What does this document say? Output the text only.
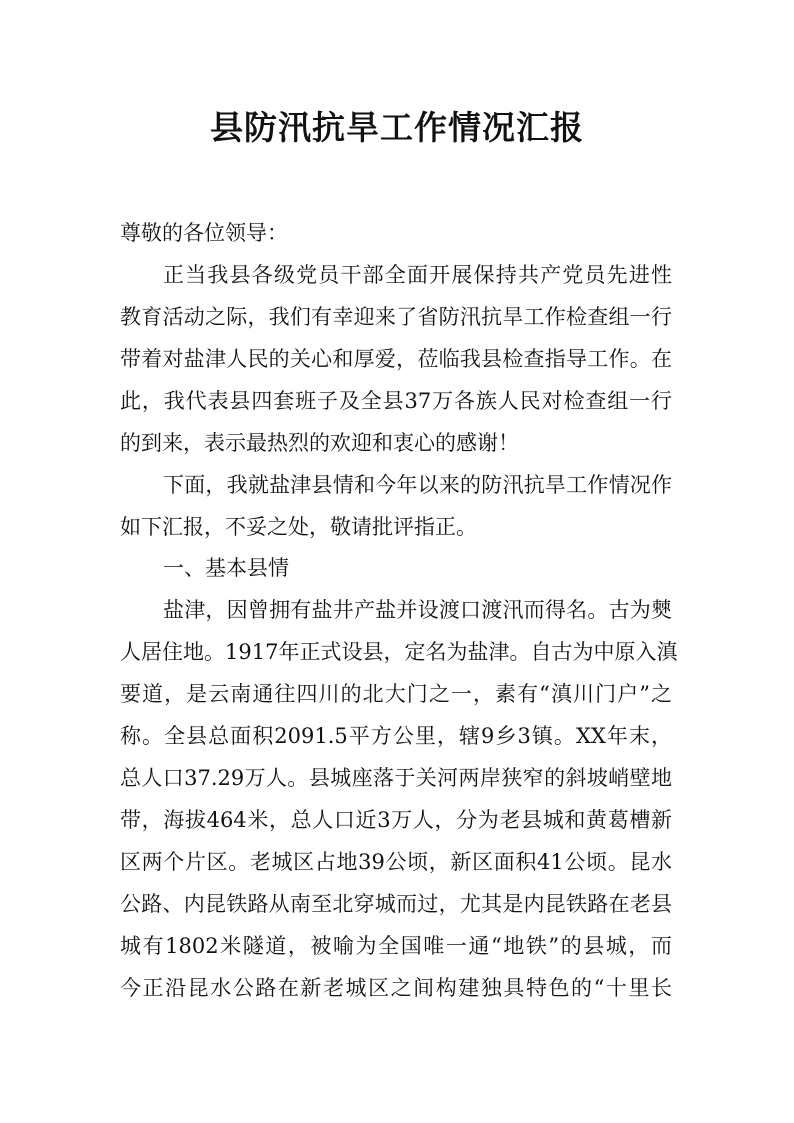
县防汛抗旱工作情况汇报
尊敬的各位领导：
正当我县各级党员干部全面开展保持共产党员先进性
教育活动之际，我们有幸迎来了省防汛抗旱工作检查组一行
带着对盐津人民的关心和厚爱，莅临我县检查指导工作。在
此，我代表县四套班子及全县37万各族人民对检查组一行
的到来，表示最热烈的欢迎和衷心的感谢！
下面，我就盐津县情和今年以来的防汛抗旱工作情况作
如下汇报，不妥之处，敬请批评指正。
一、基本县情
盐津，因曾拥有盐井产盐并设渡口渡汛而得名。古为僰
人居住地。1917年正式设县，定名为盐津。自古为中原入滇
要道，是云南通往四川的北大门之一，素有“滇川门户”之
称。全县总面积2091.5平方公里，辖9乡3镇。XX年末，
总人口37.29万人。县城座落于关河两岸狭窄的斜坡峭壁地
带，海拔464米，总人口近3万人，分为老县城和黄葛槽新
区两个片区。老城区占地39公顷，新区面积41公顷。昆水
公路、内昆铁路从南至北穿城而过，尤其是内昆铁路在老县
城有1802米隧道，被喻为全国唯一通“地铁”的县城，而
今正沿昆水公路在新老城区之间构建独具特色的“十里长
